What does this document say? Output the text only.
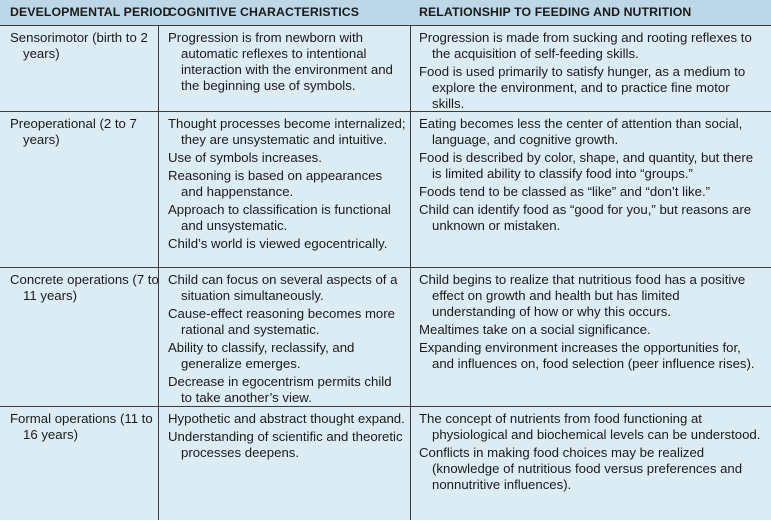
DEVELOPMENTAL PERIOD
COGNITIVE CHARACTERISTICS	RELATIONSHIP TO FEEDING AND NUTRITION

Sensorimotor (birth to 2 years)

Progression is from newborn with automatic reflexes to intentional interaction with the environment and the beginning use of symbols.

Progression is made from sucking and rooting reflexes to the acquisition of self-feeding skills.

Food is used primarily to satisfy hunger, as a medium to explore the environment, and to practice fine motor skills.

Preoperational (2 to 7 years)

Thought processes become internalized; they are unsystematic and intuitive.

Use of symbols increases.

Reasoning is based on appearances and happenstance.

Approach to classification is functional and unsystematic.

Child’s world is viewed egocentrically.

Eating becomes less the center of attention than social, language, and cognitive growth.

Food is described by color, shape, and quantity, but there is limited ability to classify food into “groups.”

Foods tend to be classed as “like” and “don’t like.”

Child can identify food as “good for you,” but reasons are unknown or mistaken.

Concrete operations (7 to 11 years)

Child can focus on several aspects of a situation simultaneously.

Cause-effect reasoning becomes more rational and systematic.

Ability to classify, reclassify, and generalize emerges.

Decrease in egocentrism permits child to take another’s view.

Child begins to realize that nutritious food has a positive effect on growth and health but has limited understanding of how or why this occurs.

Mealtimes take on a social significance.

Expanding environment increases the opportunities for, and influences on, food selection (peer influence rises).

Formal operations (11 to 16 years)

Hypothetic and abstract thought expand.

Understanding of scientific and theoretic processes deepens.

The concept of nutrients from food functioning at physiological and biochemical levels can be understood.

Conflicts in making food choices may be realized (knowledge of nutritious food versus preferences and nonnutritive influences).
